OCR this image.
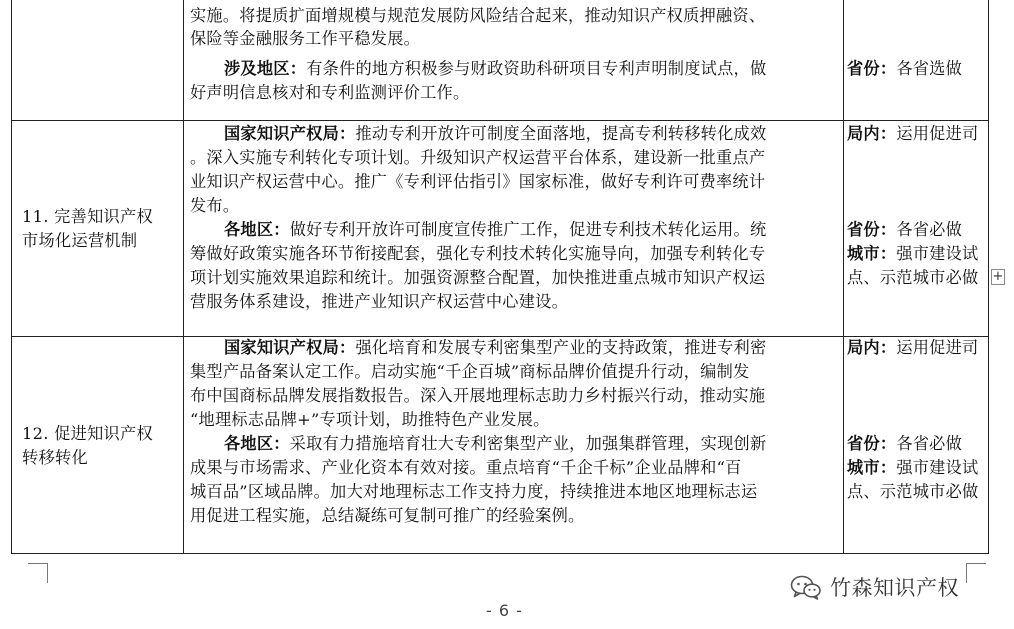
实施。将提质扩面增规模与规范发展防风险结合起来，推动知识产权质押融资、
保险等金融服务工作平稳发展。
涉及地区：有条件的地方积极参与财政资助科研项目专利声明制度试点，做
好声明信息核对和专利监测评价工作。
省份：各省选做
11. 完善知识产权
市场化运营机制
国家知识产权局：推动专利开放许可制度全面落地，提高专利转移转化成效
。深入实施专利转化专项计划。升级知识产权运营平台体系，建设新一批重点产
业知识产权运营中心。推广《专利评估指引》国家标准，做好专利许可费率统计
发布。
各地区：做好专利开放许可制度宣传推广工作，促进专利技术转化运用。统
筹做好政策实施各环节衔接配套，强化专利技术转化实施导向，加强专利转化专
项计划实施效果追踪和统计。加强资源整合配置，加快推进重点城市知识产权运
营服务体系建设，推进产业知识产权运营中心建设。
局内：运用促进司
省份：各省必做
城市：强市建设试
点、示范城市必做
12. 促进知识产权
转移转化
国家知识产权局：强化培育和发展专利密集型产业的支持政策，推进专利密
集型产品备案认定工作。启动实施“千企百城”商标品牌价值提升行动，编制发
布中国商标品牌发展指数报告。深入开展地理标志助力乡村振兴行动，推动实施
“地理标志品牌+”专项计划，助推特色产业发展。
各地区：采取有力措施培育壮大专利密集型产业，加强集群管理，实现创新
成果与市场需求、产业化资本有效对接。重点培育“千企千标”企业品牌和“百
城百品”区域品牌。加大对地理标志工作支持力度，持续推进本地区地理标志运
用促进工程实施，总结凝练可复制可推广的经验案例。
局内：运用促进司
省份：各省必做
城市：强市建设试
点、示范城市必做
+
竹森知识产权
- 6 -
